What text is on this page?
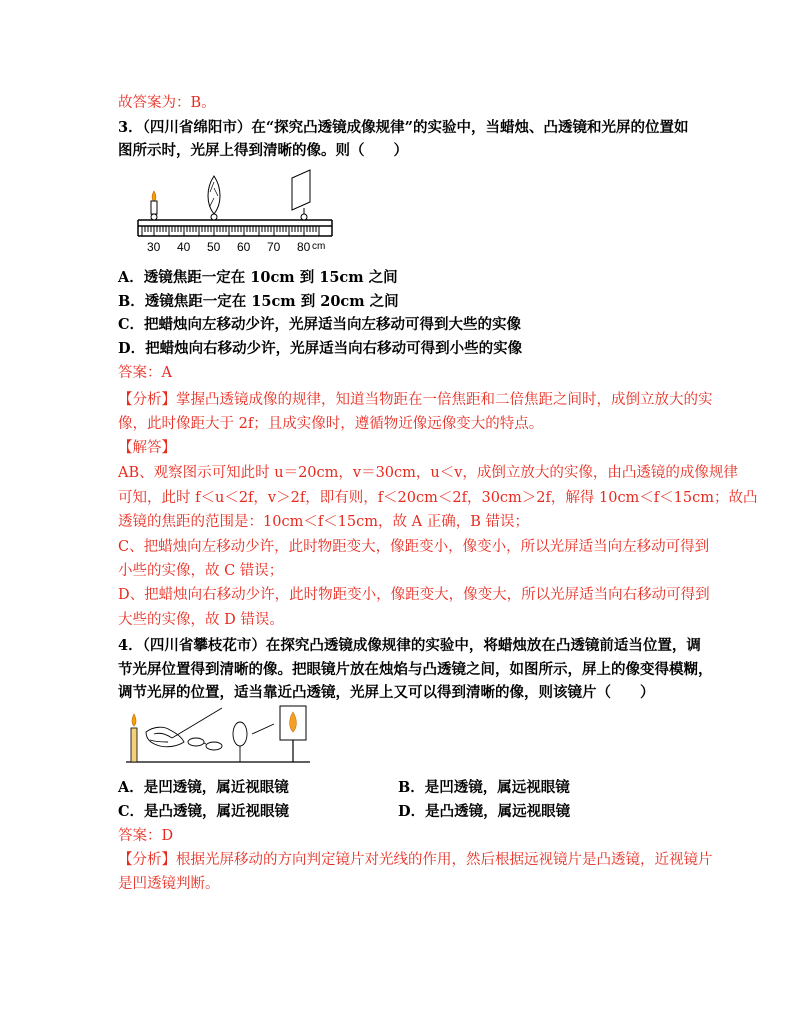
故答案为：B。
3．（四川省绵阳市）在“探究凸透镜成像规律”的实验中，当蜡烛、凸透镜和光屏的位置如
图所示时，光屏上得到清晰的像。则（　　）
30 40 50 60 70 80 cm
A．透镜焦距一定在 10cm 到 15cm 之间
B．透镜焦距一定在 15cm 到 20cm 之间
C．把蜡烛向左移动少许，光屏适当向左移动可得到大些的实像
D．把蜡烛向右移动少许，光屏适当向右移动可得到小些的实像
答案：A
【分析】掌握凸透镜成像的规律，知道当物距在一倍焦距和二倍焦距之间时，成倒立放大的实
像，此时像距大于 2f；且成实像时，遵循物近像远像变大的特点。
【解答】
AB、观察图示可知此时 u＝20cm，v＝30cm，u＜v，成倒立放大的实像，由凸透镜的成像规律
可知，此时 f＜u＜2f，v＞2f，即有则，f＜20cm＜2f，30cm＞2f，解得 10cm＜f＜15cm；故凸
透镜的焦距的范围是：10cm＜f＜15cm，故 A 正确，B 错误；
C、把蜡烛向左移动少许，此时物距变大，像距变小，像变小，所以光屏适当向左移动可得到
小些的实像，故 C 错误；
D、把蜡烛向右移动少许，此时物距变小，像距变大，像变大，所以光屏适当向右移动可得到
大些的实像，故 D 错误。
4．（四川省攀枝花市）在探究凸透镜成像规律的实验中，将蜡烛放在凸透镜前适当位置，调
节光屏位置得到清晰的像。把眼镜片放在烛焰与凸透镜之间，如图所示，屏上的像变得模糊，
调节光屏的位置，适当靠近凸透镜，光屏上又可以得到清晰的像，则该镜片（　　）
A．是凹透镜，属近视眼镜	B．是凹透镜，属远视眼镜
C．是凸透镜，属近视眼镜	D．是凸透镜，属远视眼镜
答案：D
【分析】根据光屏移动的方向判定镜片对光线的作用，然后根据远视镜片是凸透镜，近视镜片
是凹透镜判断。
